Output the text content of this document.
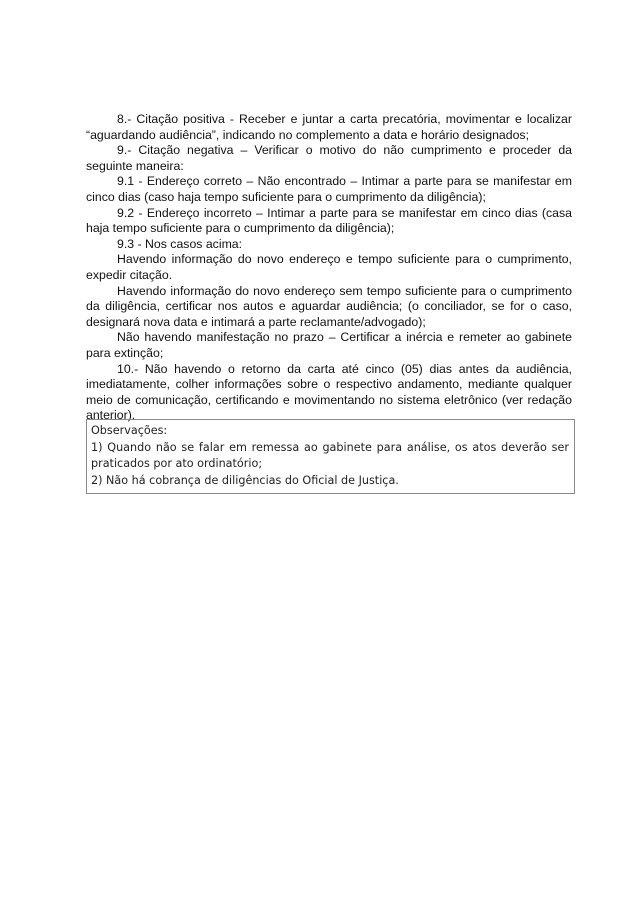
8.- Citação positiva - Receber e juntar a carta precatória, movimentar e localizar “aguardando audiência”, indicando no complemento a data e horário designados;

9.- Citação negativa – Verificar o motivo do não cumprimento e proceder da seguinte maneira:

9.1 - Endereço correto – Não encontrado – Intimar a parte para se manifestar em cinco dias (caso haja tempo suficiente para o cumprimento da diligência);

9.2 - Endereço incorreto – Intimar a parte para se manifestar em cinco dias (casa haja tempo suficiente para o cumprimento da diligência);

9.3 - Nos casos acima:

Havendo informação do novo endereço e tempo suficiente para o cumprimento, expedir citação.

Havendo informação do novo endereço sem tempo suficiente para o cumprimento da diligência, certificar nos autos e aguardar audiência; (o conciliador, se for o caso, designará nova data e intimará a parte reclamante/advogado);

Não havendo manifestação no prazo – Certificar a inércia e remeter ao gabinete para extinção;

10.- Não havendo o retorno da carta até cinco (05) dias antes da audiência, imediatamente, colher informações sobre o respectivo andamento, mediante qualquer meio de comunicação, certificando e movimentando no sistema eletrônico (ver redação anterior).

Observações:

1) Quando não se falar em remessa ao gabinete para análise, os atos deverão ser praticados por ato ordinatório;

2) Não há cobrança de diligências do Oficial de Justiça.
